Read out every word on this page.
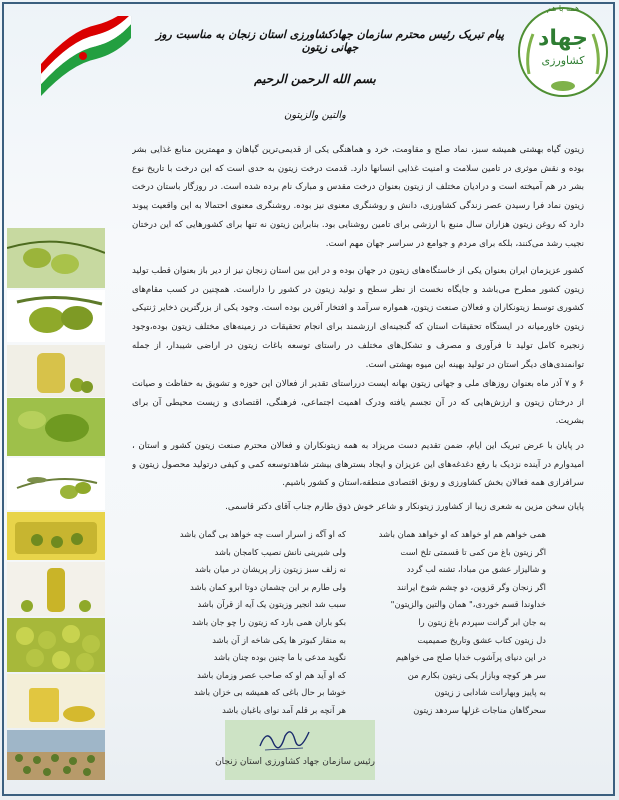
همه با هم
جهاد
کشاورزی
پیام تبریک رئیس محترم سازمان جهادکشاورزی استان زنجان به مناسبت روز جهانی زیتون
بسم الله الرحمن الرحیم
والتین والزیتون
زیتون گیاه بهشتی همیشه سبز، نماد صلح و مقاومت، خرد و هماهنگی یکی از قدیمی‌ترین گیاهان و مهمترین منابع غذایی بشر بوده و نقش موثری در تامین سلامت و امنیت غذایی انسانها دارد. قدمت درخت زیتون به حدی است که این درخت با تاریخ نوع بشر در هم آمیخته است و درادیان مختلف از زیتون بعنوان درخت مقدس و مبارک نام برده شده است. در روزگار باستان درخت زیتون نماد فرا رسیدن عصر زندگی کشاورزی، دانش و روشنگری معنوی نیز بوده. روشنگری معنوی احتمالا به این واقعیت پیوند دارد که روغن زیتون هزاران سال منبع با ارزشی برای تامین روشنایی بود. بنابراین زیتون نه تنها برای کشورهایی که این درختان نجیب رشد می‌کنند، بلکه برای مردم و جوامع در سراسر جهان مهم است.
کشور عزیزمان ایران بعنوان یکی از خاستگاه‌های زیتون در جهان بوده و در این بین استان زنجان نیز از دیر باز بعنوان قطب تولید زیتون کشور مطرح می‌باشد و جایگاه نخست از نظر سطح و تولید زیتون در کشور را داراست. همچنین در کسب مقام‌های کشوری توسط زیتونکاران و فعالان صنعت زیتون، همواره سرآمد و افتخار آفرین بوده است. وجود یکی از بزرگترین ذخایر ژنتیکی زیتون خاورمیانه در ایستگاه تحقیقات استان که گنجینه‌ای ارزشمند برای انجام تحقیقات در زمینه‌های مختلف زیتون بوده،وجود زنجیره کامل تولید تا فرآوری و مصرف و تشکل‌های مختلف در راستای توسعه باغات زیتون در اراضی شیبدار، از جمله توانمندی‌های دیگر استان در تولید بهینه این میوه بهشتی است.
۶ و ۷ آذر ماه بعنوان روزهای ملی و جهانی زیتون بهانه ایست درراستای تقدیر از فعالان این حوزه و تشویق به حفاظت و صیانت از درختان زیتون و ارزش‌هایی که در آن تجسم یافته ودرک اهمیت اجتماعی، فرهنگی، اقتصادی و زیست محیطی آن برای بشریت.
در پایان با عرض تبریک این ایام، ضمن تقدیم دست مریزاد به همه زیتونکاران و فعالان محترم صنعت زیتون کشور و استان ، امیدوارم در آینده نزدیک با رفع دغدغه‌های این عزیزان و ایجاد بسترهای بیشتر شاهدتوسعه کمی و کیفی درتولید محصول زیتون و سرافرازی همه فعالان بخش کشاورزی و رونق اقتصادی منطقه،استان و کشور باشیم.
پایان سخن مزین به شعری زیبا از کشاورز زیتونکار و شاعر خوش ذوق طارم جناب آقای دکتر قاسمی.
همی خواهم هم او خواهد که او خواهد همان باشد
اگر زیتون باغ من کمی تا قسمتی تلخ است
و شالیزار عشق من مبادا، تشنه لب گردد
اگر زنجان وگر قزوین، دو چشم شوخ ایرانند
خداوندا قسم خوردی،" همان والتین والزیتون"
به جان ابر گرانت سپردم باغ زیتون را
دل زیتون کتاب عشق وتاریخ صمیمیت
در این دنیای پرآشوب خدایا صلح می خواهیم
سر هر کوچه وبازار یکی زیتون بکارم من
به پاییز وبهارانت شادابی ز زیتون
سحرگاهان مناجات غزلها سردهد زیتون
که او آگه ز اسرار است چه خواهد بی گمان باشد
ولی شیرینی نانش نصیب کامجان باشد
نه زلف سبز زیتون زار پریشان در میان باشد
ولی طارم بر این چشمان دوتا ابرو کمان باشد
سبب شد انجیر وزیتون یک آیه از قرآن باشد
بکو باران همی بارد که زیتون را چو جان باشد
به منقار کبوتر ها یکی شاخه از آن باشد
نگوید مدعی با ما چنین بوده چنان باشد
که او آید هم او که صاحب عصر وزمان باشد
خوشا بر حال باغی که همیشه بی خزان باشد
هر آنچه بر قلم آمد نوای باغبان باشد
رئیس سازمان جهاد کشاورزی استان زنجان
